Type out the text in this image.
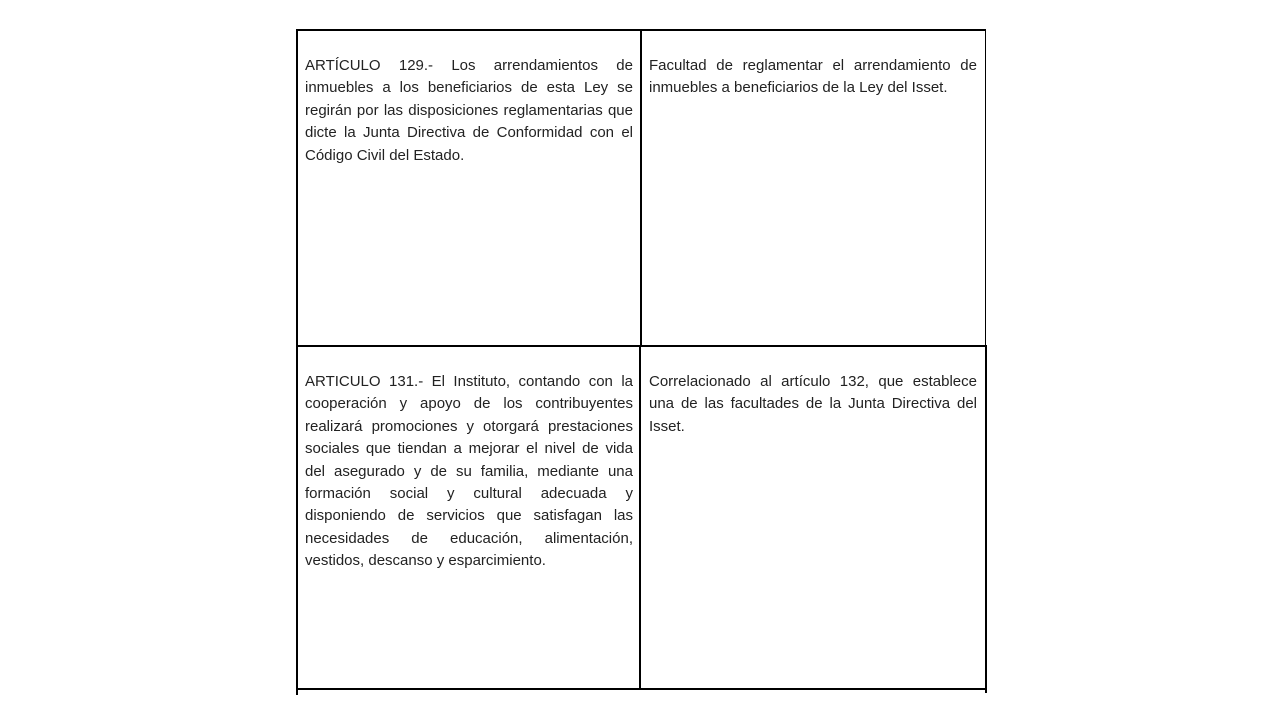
ARTÍCULO 129.- Los arrendamientos de inmuebles a los beneficiarios de esta Ley se regirán por las disposiciones reglamentarias que dicte la Junta Directiva de Conformidad con el Código Civil del Estado.
Facultad de reglamentar el arrendamiento de inmuebles a beneficiarios de la Ley del Isset.
ARTICULO 131.- El Instituto, contando con la cooperación y apoyo de los contribuyentes realizará promociones y otorgará prestaciones sociales que tiendan a mejorar el nivel de vida del asegurado y de su familia, mediante una formación social y cultural adecuada y disponiendo de servicios que satisfagan las necesidades de educación, alimentación, vestidos, descanso y esparcimiento.
Correlacionado al artículo 132, que establece una de las facultades de la Junta Directiva del Isset.
